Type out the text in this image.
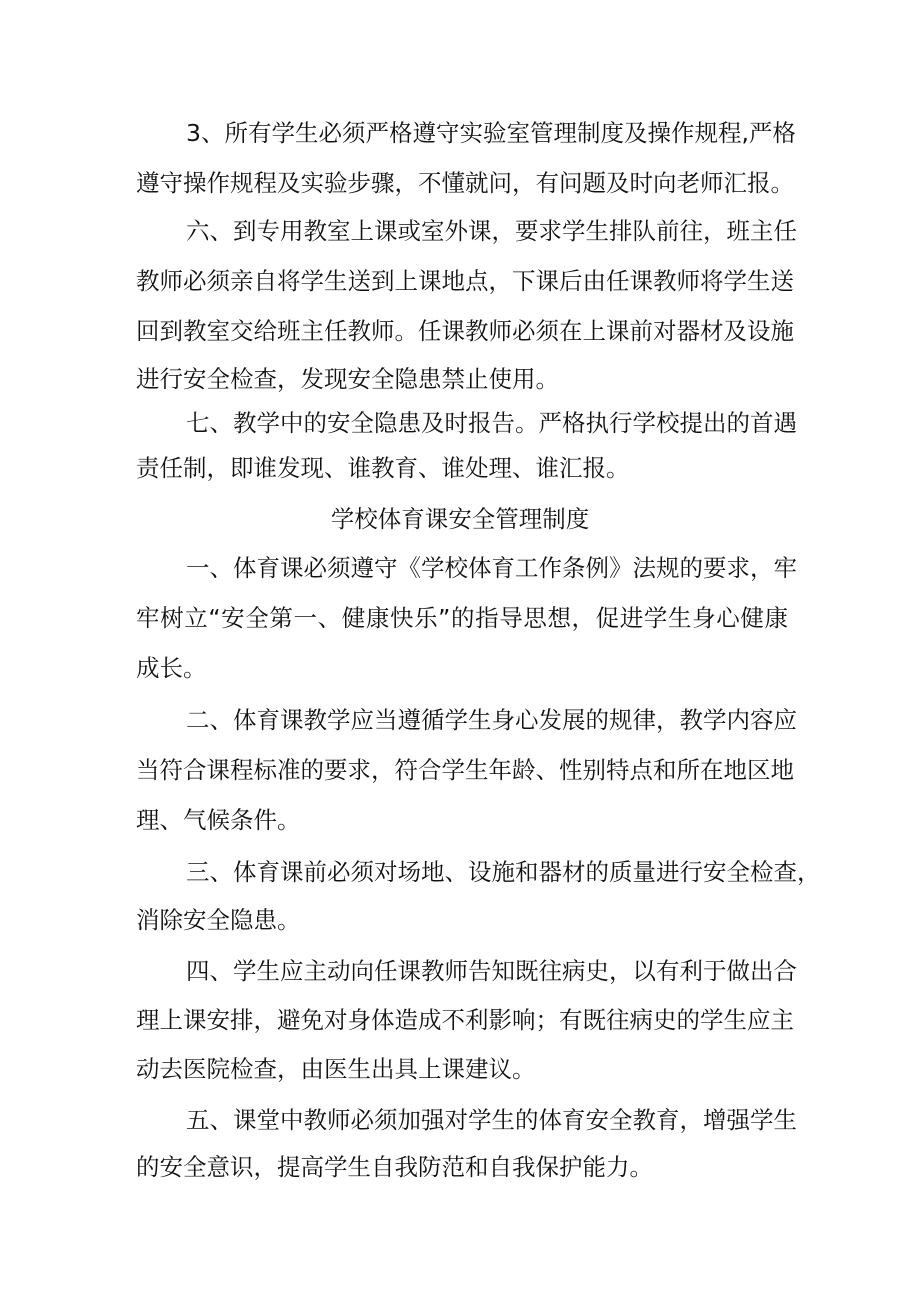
3、所有学生必须严格遵守实验室管理制度及操作规程,严格
遵守操作规程及实验步骤，不懂就问，有问题及时向老师汇报。
六、到专用教室上课或室外课，要求学生排队前往，班主任
教师必须亲自将学生送到上课地点，下课后由任课教师将学生送
回到教室交给班主任教师。任课教师必须在上课前对器材及设施
进行安全检查，发现安全隐患禁止使用。
七、教学中的安全隐患及时报告。严格执行学校提出的首遇
责任制，即谁发现、谁教育、谁处理、谁汇报。
学校体育课安全管理制度
一、体育课必须遵守《学校体育工作条例》法规的要求，牢
牢树立“安全第一、健康快乐”的指导思想，促进学生身心健康
成长。
二、体育课教学应当遵循学生身心发展的规律，教学内容应
当符合课程标准的要求，符合学生年龄、性别特点和所在地区地
理、气候条件。
三、体育课前必须对场地、设施和器材的质量进行安全检查，
消除安全隐患。
四、学生应主动向任课教师告知既往病史，以有利于做出合
理上课安排，避免对身体造成不利影响；有既往病史的学生应主
动去医院检查，由医生出具上课建议。
五、课堂中教师必须加强对学生的体育安全教育，增强学生
的安全意识，提高学生自我防范和自我保护能力。
